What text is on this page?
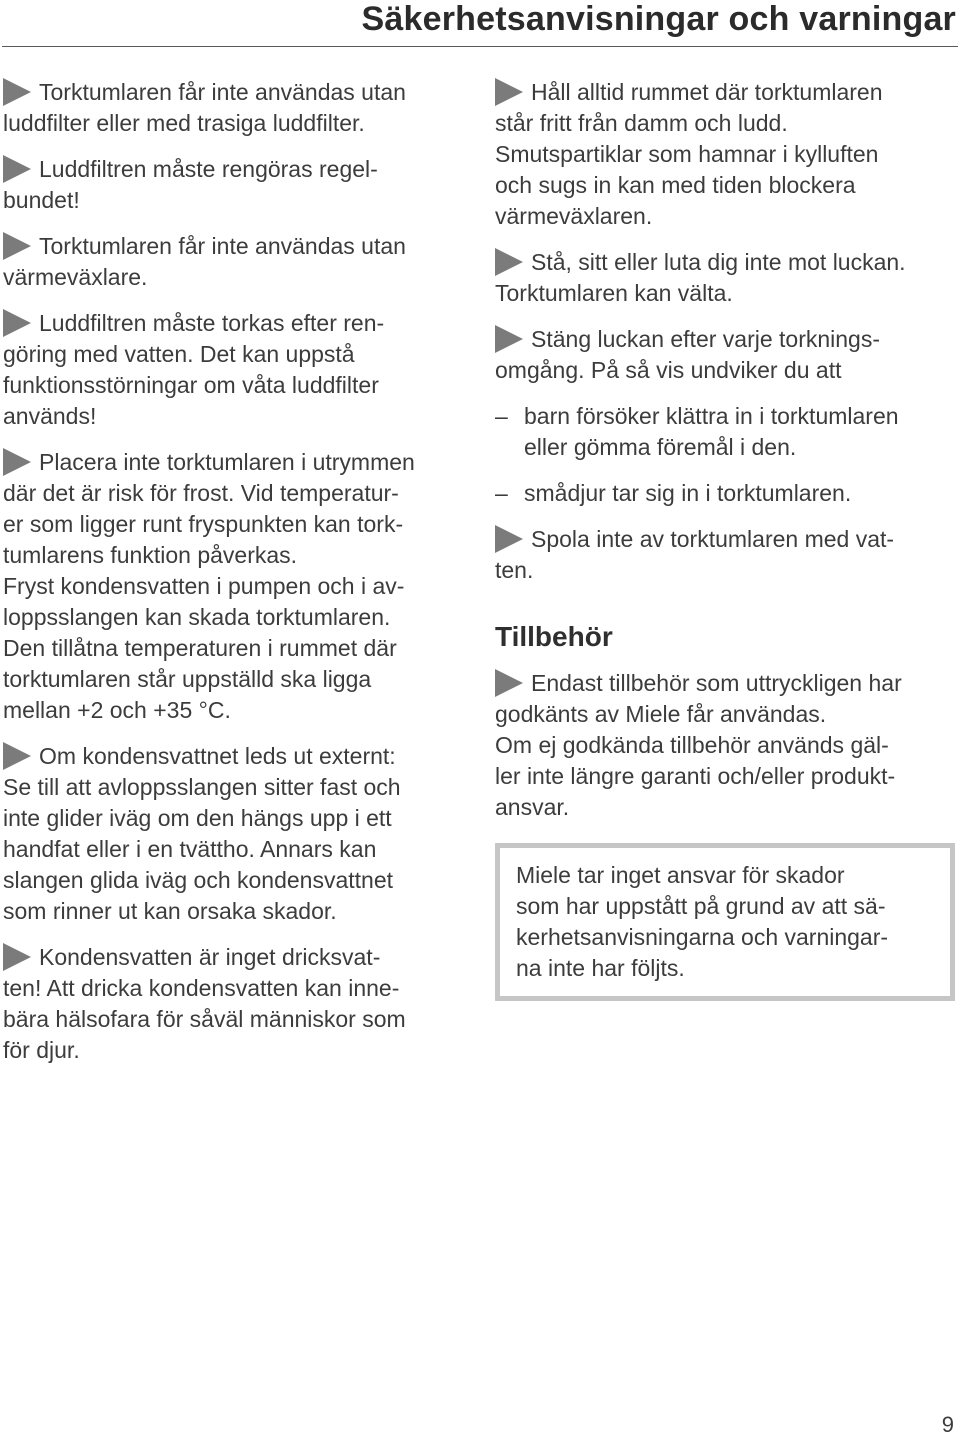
Säkerhetsanvisningar och varningar
Torktumlaren får inte användas utan
luddfilter eller med trasiga luddfilter.
Luddfiltren måste rengöras regel-
bundet!
Torktumlaren får inte användas utan
värmeväxlare.
Luddfiltren måste torkas efter ren-
göring med vatten. Det kan uppstå
funktionsstörningar om våta luddfilter
används!
Placera inte torktumlaren i utrymmen
där det är risk för frost. Vid temperatur-
er som ligger runt fryspunkten kan tork-
tumlarens funktion påverkas.
Fryst kondensvatten i pumpen och i av-
loppsslangen kan skada torktumlaren.
Den tillåtna temperaturen i rummet där
torktumlaren står uppställd ska ligga
mellan +2 och +35 °C.
Om kondensvattnet leds ut externt:
Se till att avloppsslangen sitter fast och
inte glider iväg om den hängs upp i ett
handfat eller i en tvättho. Annars kan
slangen glida iväg och kondensvattnet
som rinner ut kan orsaka skador.
Kondensvatten är inget dricksvat-
ten! Att dricka kondensvatten kan inne-
bära hälsofara för såväl människor som
för djur.
Håll alltid rummet där torktumlaren
står fritt från damm och ludd.
Smutspartiklar som hamnar i kylluften
och sugs in kan med tiden blockera
värmeväxlaren.
Stå, sitt eller luta dig inte mot luckan.
Torktumlaren kan välta.
Stäng luckan efter varje torknings-
omgång. På så vis undviker du att
– barn försöker klättra in i torktumlaren
eller gömma föremål i den.
– smådjur tar sig in i torktumlaren.
Spola inte av torktumlaren med vat-
ten.
Tillbehör
Endast tillbehör som uttryckligen har
godkänts av Miele får användas.
Om ej godkända tillbehör används gäl-
ler inte längre garanti och/eller produkt-
ansvar.
Miele tar inget ansvar för skador
som har uppstått på grund av att sä-
kerhetsanvisningarna och varningar-
na inte har följts.
9
